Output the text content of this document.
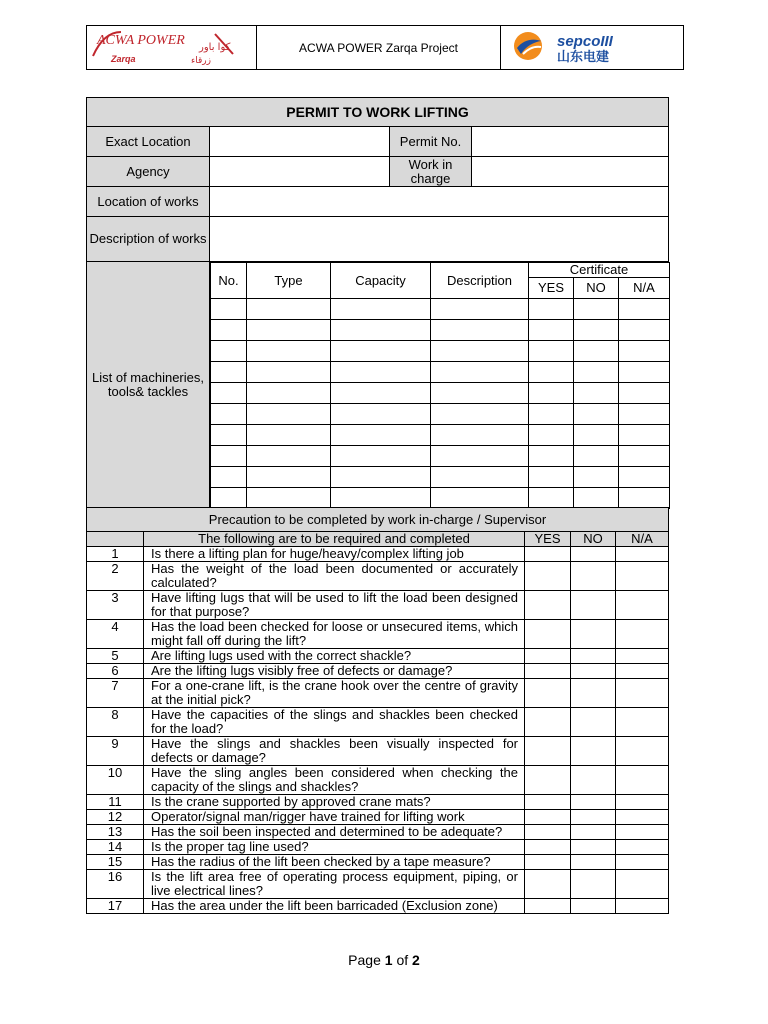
ACWA POWER كوا باور
Zarqa	زرقاء
	ACWA POWER Zarqa Project	sepcoIII
山东电建
PERMIT TO WORK LIFTING
Exact Location		Permit No.	
Agency		Work in charge	
Location of works	
Description of works	
List of machineries, tools& tackles	
No.	Type	Capacity	Description	Certificate
YES	NO	N/A

Precaution to be completed by work in-charge / Supervisor				
	The following are to be required and completed	YES	NO	N/A
1	Is there a lifting plan for huge/heavy/complex lifting job			
2	Has the weight of the load been documented or accurately calculated?			
3	Have lifting lugs that will be used to lift the load been designed for that purpose?			
4	Has the load been checked for loose or unsecured items, which might fall off during the lift?			
5	Are lifting lugs used with the correct shackle?			
6	Are the lifting lugs visibly free of defects or damage?			
7	For a one-crane lift, is the crane hook over the centre of gravity at the initial pick?			
8	Have the capacities of the slings and shackles been checked for the load?			
9	Have the slings and shackles been visually inspected for defects or damage?			
10	Have the sling angles been considered when checking the capacity of the slings and shackles?			
11	Is the crane supported by approved crane mats?			
12	Operator/signal man/rigger have trained for lifting work			
13	Has the soil been inspected and determined to be adequate?			
14	Is the proper tag line used?			
15	Has the radius of the lift been checked by a tape measure?			
16	Is the lift area free of operating process equipment, piping, or live electrical lines?			
17	Has the area under the lift been barricaded (Exclusion zone)			
Page 1 of 2
